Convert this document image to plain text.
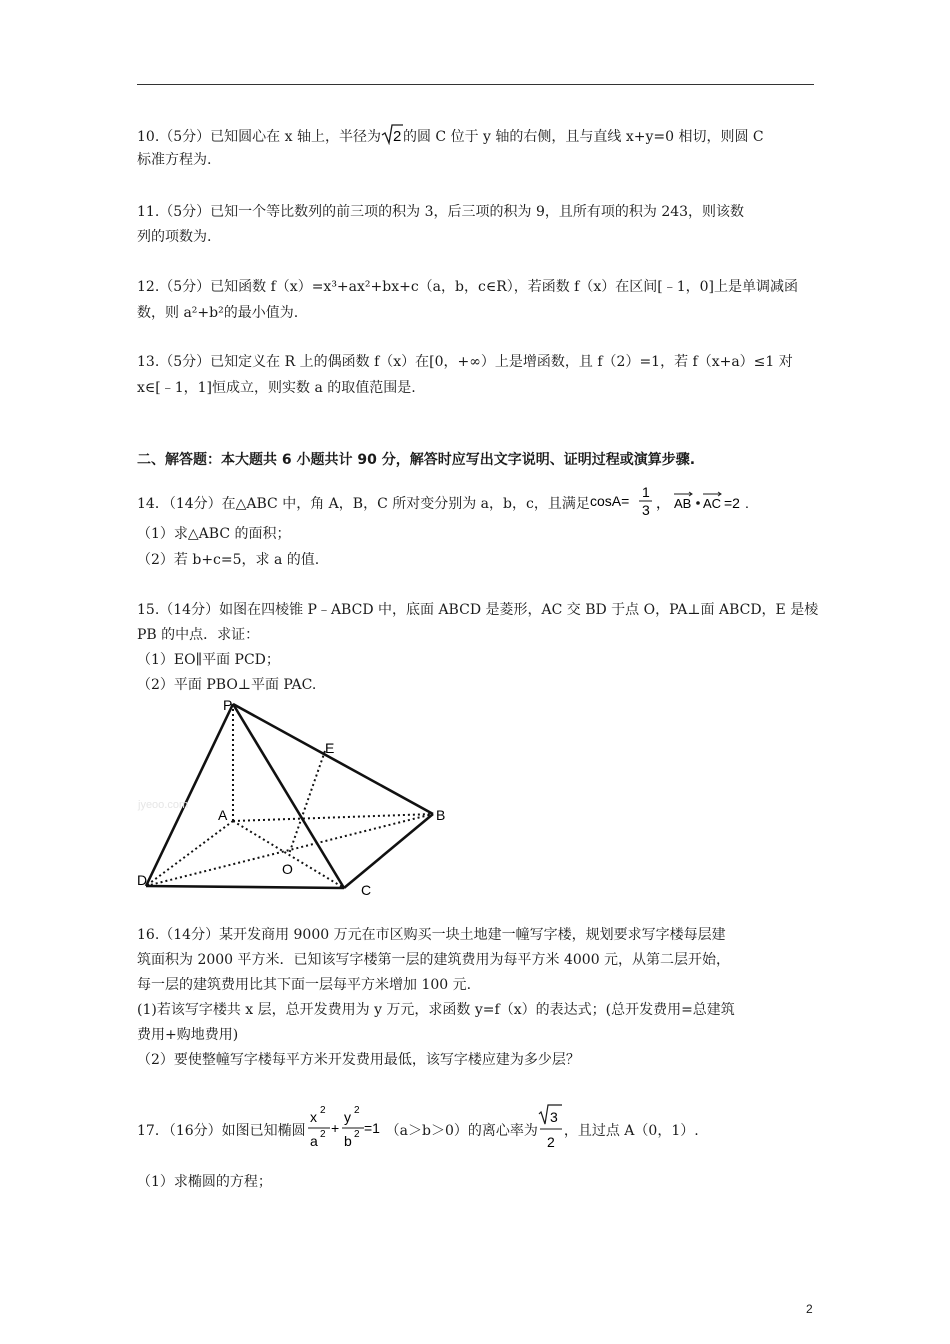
10.（5分）已知圆心在 x 轴上，半径为 2 的圆 C 位于 y 轴的右侧，且与直线 x+y=0 相切，则圆 C
标准方程为.
11.（5分）已知一个等比数列的前三项的积为 3，后三项的积为 9，且所有项的积为 243，则该数
列的项数为.
12.（5分）已知函数 f（x）=x³+ax²+bx+c（a，b，c∈R），若函数 f（x）在区间[﹣1，0]上是单调减函
数，则 a²+b²的最小值为.
13.（5分）已知定义在 R 上的偶函数 f（x）在[0，+∞）上是增函数，且 f（2）=1，若 f（x+a）≤1 对
x∈[﹣1，1]恒成立，则实数 a 的取值范围是.
二、解答题：本大题共 6 小题共计 90 分，解答时应写出文字说明、证明过程或演算步骤.
14．（14分）在△ABC 中，角 A，B，C 所对变分别为 a，b，c，且满足 cosA=
1
3 ， AB AC =2 .
（1）求△ABC 的面积；
（2）若 b+c=5，求 a 的值.
15.（14分）如图在四棱锥 P﹣ABCD 中，底面 ABCD 是菱形，AC 交 BD 于点 O，PA⊥面 ABCD，E 是棱
PB 的中点．求证：
（1）EO∥平面 PCD；
（2）平面 PBO⊥平面 PAC.
P
E
A	B
O
D
C
jyeoo.com
16.（14分）某开发商用 9000 万元在市区购买一块土地建一幢写字楼，规划要求写字楼每层建
筑面积为 2000 平方米．已知该写字楼第一层的建筑费用为每平方米 4000 元，从第二层开始，
每一层的建筑费用比其下面一层每平方米增加 100 元.
(1)若该写字楼共 x 层，总开发费用为 y 万元，求函数 y=f（x）的表达式；(总开发费用=总建筑
费用+购地费用)
（2）要使整幢写字楼每平方米开发费用最低，该写字楼应建为多少层？
17．（16分）如图已知椭圆
x 2
a 2 +
y 2
b 2 =1 （a＞b＞0）的离心率为
3
2
，且过点 A（0，1）.
（1）求椭圆的方程；
2
